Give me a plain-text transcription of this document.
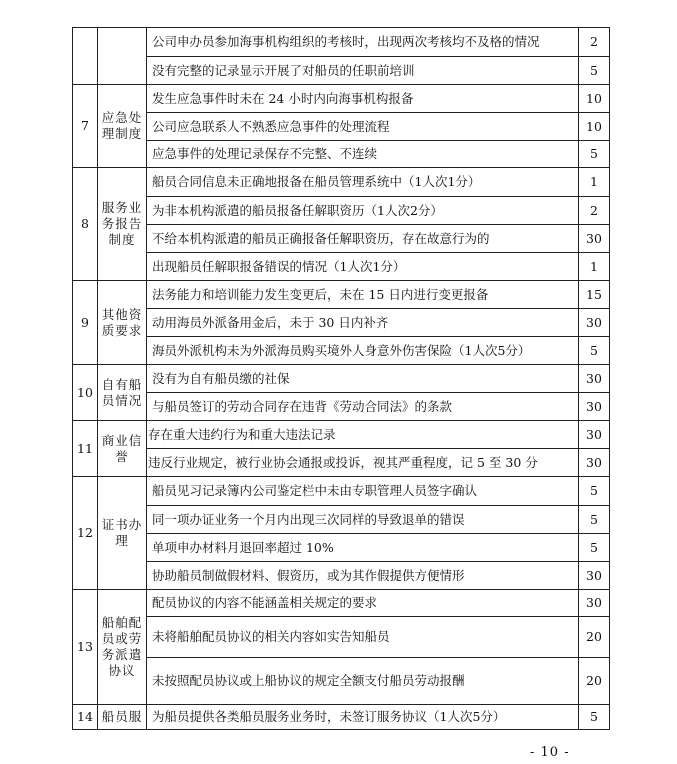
		公司申办员参加海事机构组织的考核时，出现两次考核均不及格的情况	2
		没有完整的记录显示开展了对船员的任职前培训	5
7	应急处理制度	发生应急事件时未在 24 小时内向海事机构报备	10
		公司应急联系人不熟悉应急事件的处理流程	10
		应急事件的处理记录保存不完整、不连续	5
8	服务业务报告制度	船员合同信息未正确地报备在船员管理系统中（1人次1分）	1
		为非本机构派遣的船员报备任解职资历（1人次2分）	2
		不给本机构派遣的船员正确报备任解职资历，存在故意行为的	30
		出现船员任解职报备错误的情况（1人次1分）	1
9	其他资质要求	法务能力和培训能力发生变更后，未在 15 日内进行变更报备	15
		动用海员外派备用金后，未于 30 日内补齐	30
		海员外派机构未为外派海员购买境外人身意外伤害保险（1人次5分）	5
10	自有船员情况	没有为自有船员缴的社保	30
		与船员签订的劳动合同存在违背《劳动合同法》的条款	30
11	商业信誉	存在重大违约行为和重大违法记录	30
		违反行业规定，被行业协会通报或投诉，视其严重程度，记 5 至 30 分	30
12	证书办理	船员见习记录簿内公司鉴定栏中未由专职管理人员签字确认	5
		同一项办证业务一个月内出现三次同样的导致退单的错误	5
		单项申办材料月退回率超过 10%	5
		协助船员制做假材料、假资历，或为其作假提供方便情形	30
13	船舶配员或劳务派遣协议	配员协议的内容不能涵盖相关规定的要求	30
		未将船舶配员协议的相关内容如实告知船员	20
		未按照配员协议或上船协议的规定全额支付船员劳动报酬	20
14	船员服	为船员提供各类船员服务业务时，未签订服务协议（1人次5分）	5
- 10 -
